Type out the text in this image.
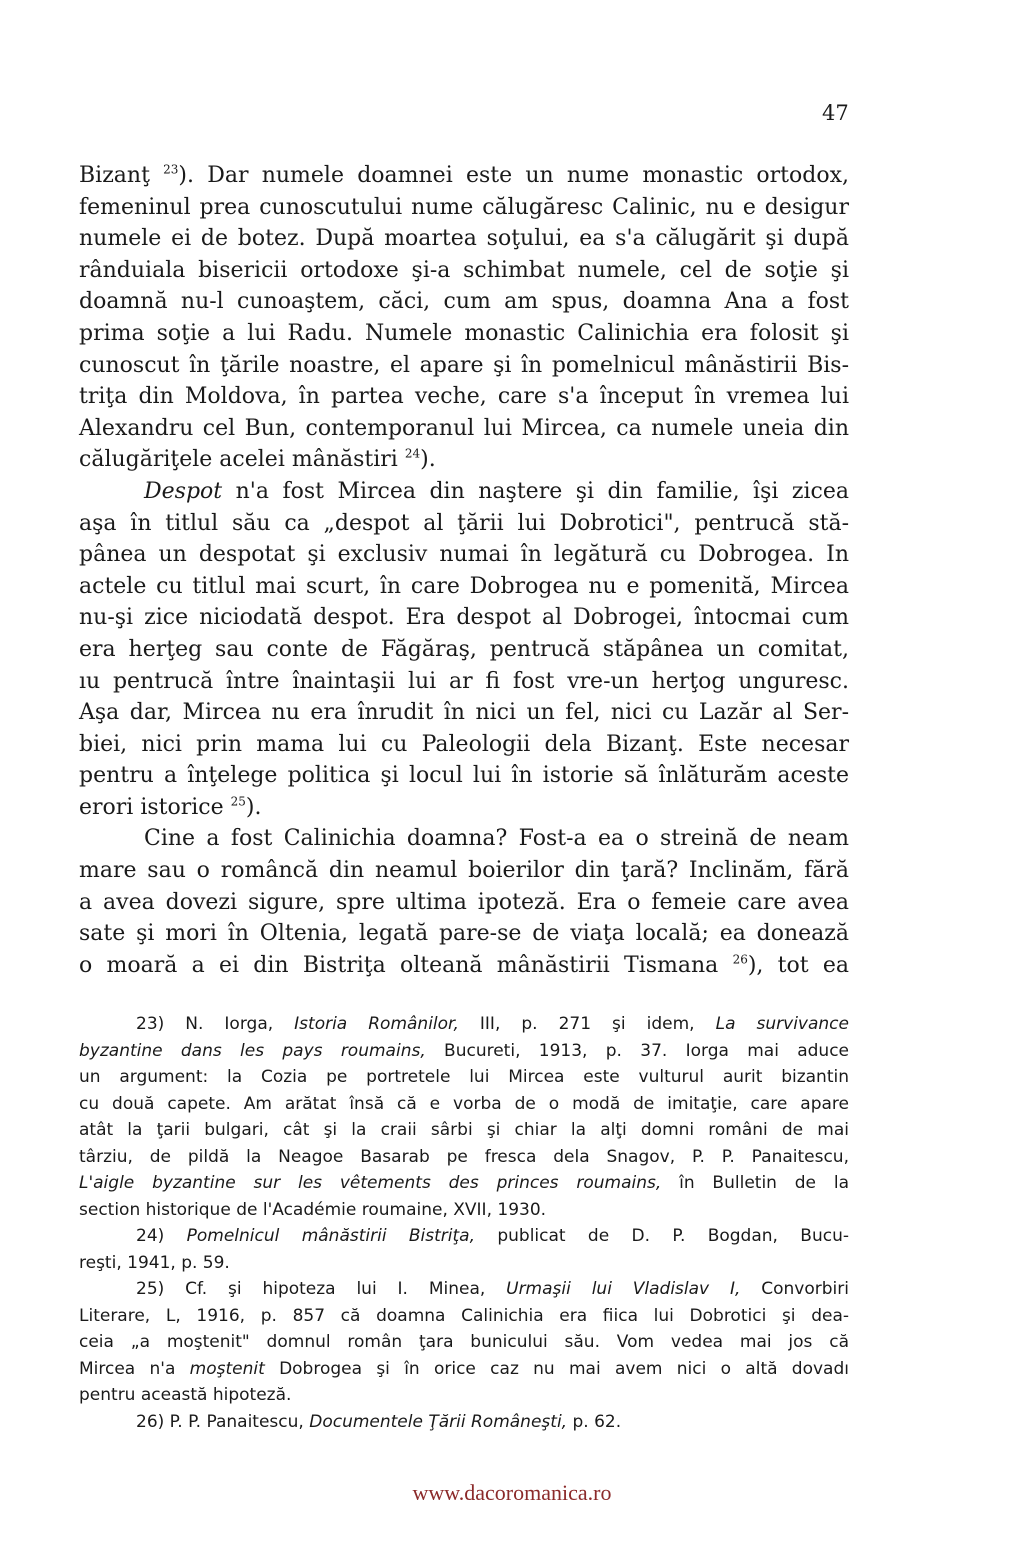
47
Bizanţ $^{23}$). Dar numele doamnei este un nume monastic ortodox,
femeninul prea cunoscutului nume călugăresc Calinic, nu e desigur
numele ei de botez. După moartea soţului, ea s'a călugărit şi după
rânduiala bisericii ortodoxe şi-a schimbat numele, cel de soţie şi
doamnă nu-l cunoaştem, căci, cum am spus, doamna Ana a fost
prima soţie a lui Radu. Numele monastic Calinichia era folosit şi
cunoscut în ţările noastre, el apare şi în pomelnicul mânăstirii Bis-
triţa din Moldova, în partea veche, care s'a început în vremea lui
Alexandru cel Bun, contemporanul lui Mircea, ca numele uneia din
călugăriţele acelei mânăstiri $^{24}$).
Despot n'a fost Mircea din naştere şi din familie, îşi zicea
aşa în titlul său ca „despot al ţării lui Dobrotici", pentrucă stă-
pânea un despotat şi exclusiv numai în legătură cu Dobrogea. In
actele cu titlul mai scurt, în care Dobrogea nu e pomenită, Mircea
nu-şi zice niciodată despot. Era despot al Dobrogei, întocmai cum
era herţeg sau conte de Făgăraş, pentrucă stăpânea un comitat,
ıu pentrucă între înaintaşii lui ar fi fost vre-un herţog unguresc.
Aşa dar, Mircea nu era înrudit în nici un fel, nici cu Lazăr al Ser-
biei, nici prin mama lui cu Paleologii dela Bizanţ. Este necesar
pentru a înţelege politica şi locul lui în istorie să înlăturăm aceste
erori istorice $^{25}$).
Cine a fost Calinichia doamna? Fost-a ea o streină de neam
mare sau o româncă din neamul boierilor din ţară? Inclinăm, fără
a avea dovezi sigure, spre ultima ipoteză. Era o femeie care avea
sate şi mori în Oltenia, legată pare-se de viaţa locală; ea donează
o moară a ei din Bistriţa olteană mânăstirii Tismana $^{26}$), tot ea
23) N. Iorga, Istoria Românilor, III, p. 271 şi idem, La survivance
byzantine dans les pays roumains, Bucureti, 1913, p. 37. Iorga mai aduce
un argument: la Cozia pe portretele lui Mircea este vulturul aurit bizantin
cu două capete. Am arătat însă că e vorba de o modă de imitaţie, care apare
atât la ţarii bulgari, cât şi la craii sârbi şi chiar la alţi domni români de mai
târziu, de pildă la Neagoe Basarab pe fresca dela Snagov, P. P. Panaitescu,
L'aigle byzantine sur les vêtements des princes roumains, în Bulletin de la
section historique de l'Académie roumaine, XVII, 1930.
24) Pomelnicul mânăstirii Bistriţa, publicat de D. P. Bogdan, Bucu-
reşti, 1941, p. 59.
25) Cf. şi hipoteza lui I. Minea, Urmaşii lui Vladislav I, Convorbiri
Literare, L, 1916, p. 857 că doamna Calinichia era fiica lui Dobrotici şi dea-
ceia „a moştenit" domnul român ţara bunicului său. Vom vedea mai jos că
Mircea n'a moştenit Dobrogea şi în orice caz nu mai avem nici o altă dovadı
pentru această hipoteză.
26) P. P. Panaitescu, Documentele Ţării Româneşti, p. 62.
www.dacoromanica.ro
